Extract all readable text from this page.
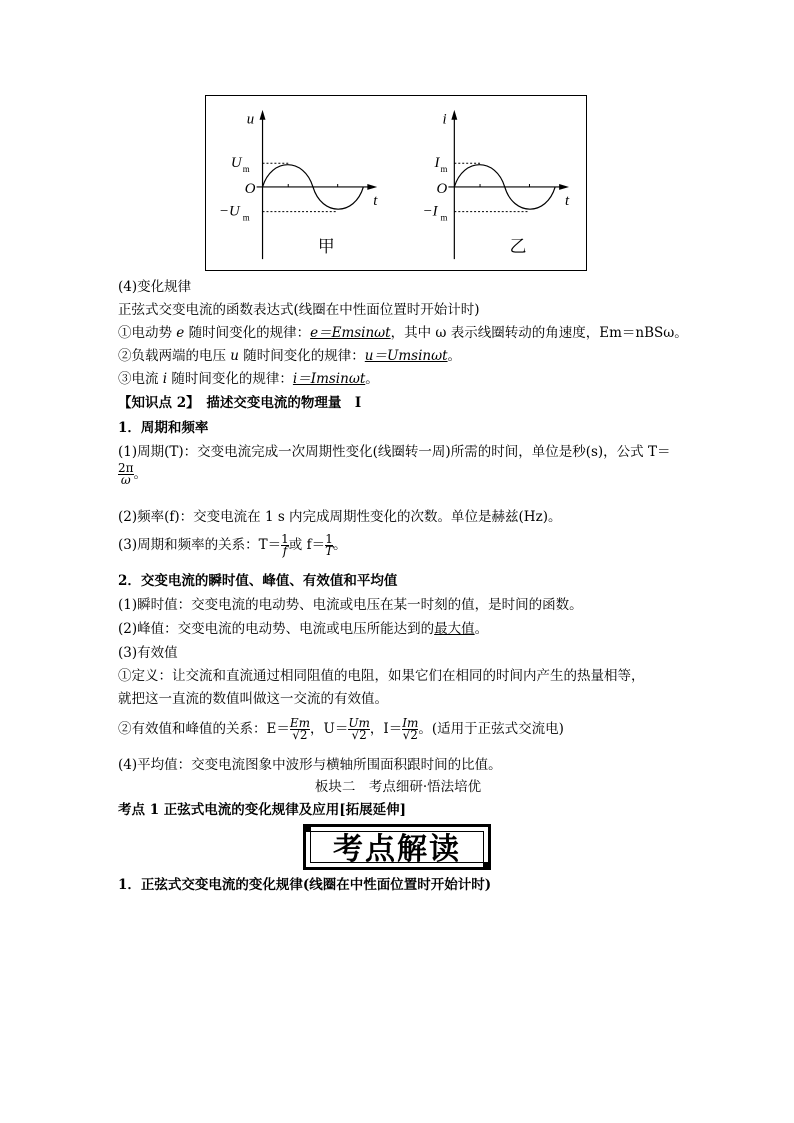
u
t
O
U m
−U m
甲
i
t
O
I m
−I m
乙
(4)变化规律
正弦式交变电流的函数表达式(线圈在中性面位置时开始计时)
①电动势 e 随时间变化的规律：e＝Emsinωt，其中 ω 表示线圈转动的角速度，Em＝nBSω。
②负载两端的电压 u 随时间变化的规律：u＝Umsinωt。
③电流 i 随时间变化的规律：i＝Imsinωt。
【知识点 2】　描述交变电流的物理量　Ⅰ
1．周期和频率
(1)周期(T)：交变电流完成一次周期性变化(线圈转一周)所需的时间，单位是秒(s)，公式 T＝
$\frac{2\pi}{\omega}$ 。
(2)频率(f)：交变电流在 1 s 内完成周期性变化的次数。单位是赫兹(Hz)。
(3)周期和频率的关系：$T= \frac{1}{f}$ 或 $f= \frac{1}{T}$ 。
2．交变电流的瞬时值、峰值、有效值和平均值
(1)瞬时值：交变电流的电动势、电流或电压在某一时刻的值，是时间的函数。
(2)峰值：交变电流的电动势、电流或电压所能达到的最大值。
(3)有效值
①定义：让交流和直流通过相同阻值的电阻，如果它们在相同的时间内产生的热量相等，
就把这一直流的数值叫做这一交流的有效值。
②有效值和峰值的关系：$E= \frac{Em}{√2}$ ，$U= \frac{Um}{√2}$ ，$I= \frac{Im}{√2}$ 。(适用于正弦式交流电)
(4)平均值：交变电流图象中波形与横轴所围面积跟时间的比值。
板块二　考点细研·悟法培优
考点 1 正弦式电流的变化规律及应用[拓展延伸]
1．正弦式交变电流的变化规律(线圈在中性面位置时开始计时)
考点解读
